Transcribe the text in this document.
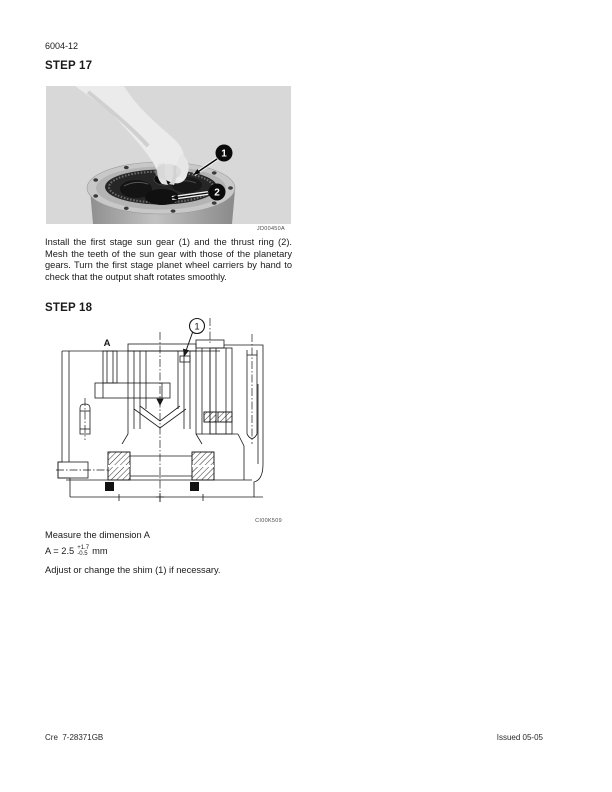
6004-12
STEP 17
1
2
JD00450A
Install the first stage sun gear (1) and the thrust ring (2). Mesh the teeth of the sun gear with those of the planetary gears. Turn the first stage planet wheel carriers by hand to check that the output shaft rotates smoothly.
STEP 18
A
1
CI00K509
Measure the dimension A
A = 2.5 +1.7
-0.5 mm
Adjust or change the shim (1) if necessary.
Cre  7-28371GB	Issued 05-05
